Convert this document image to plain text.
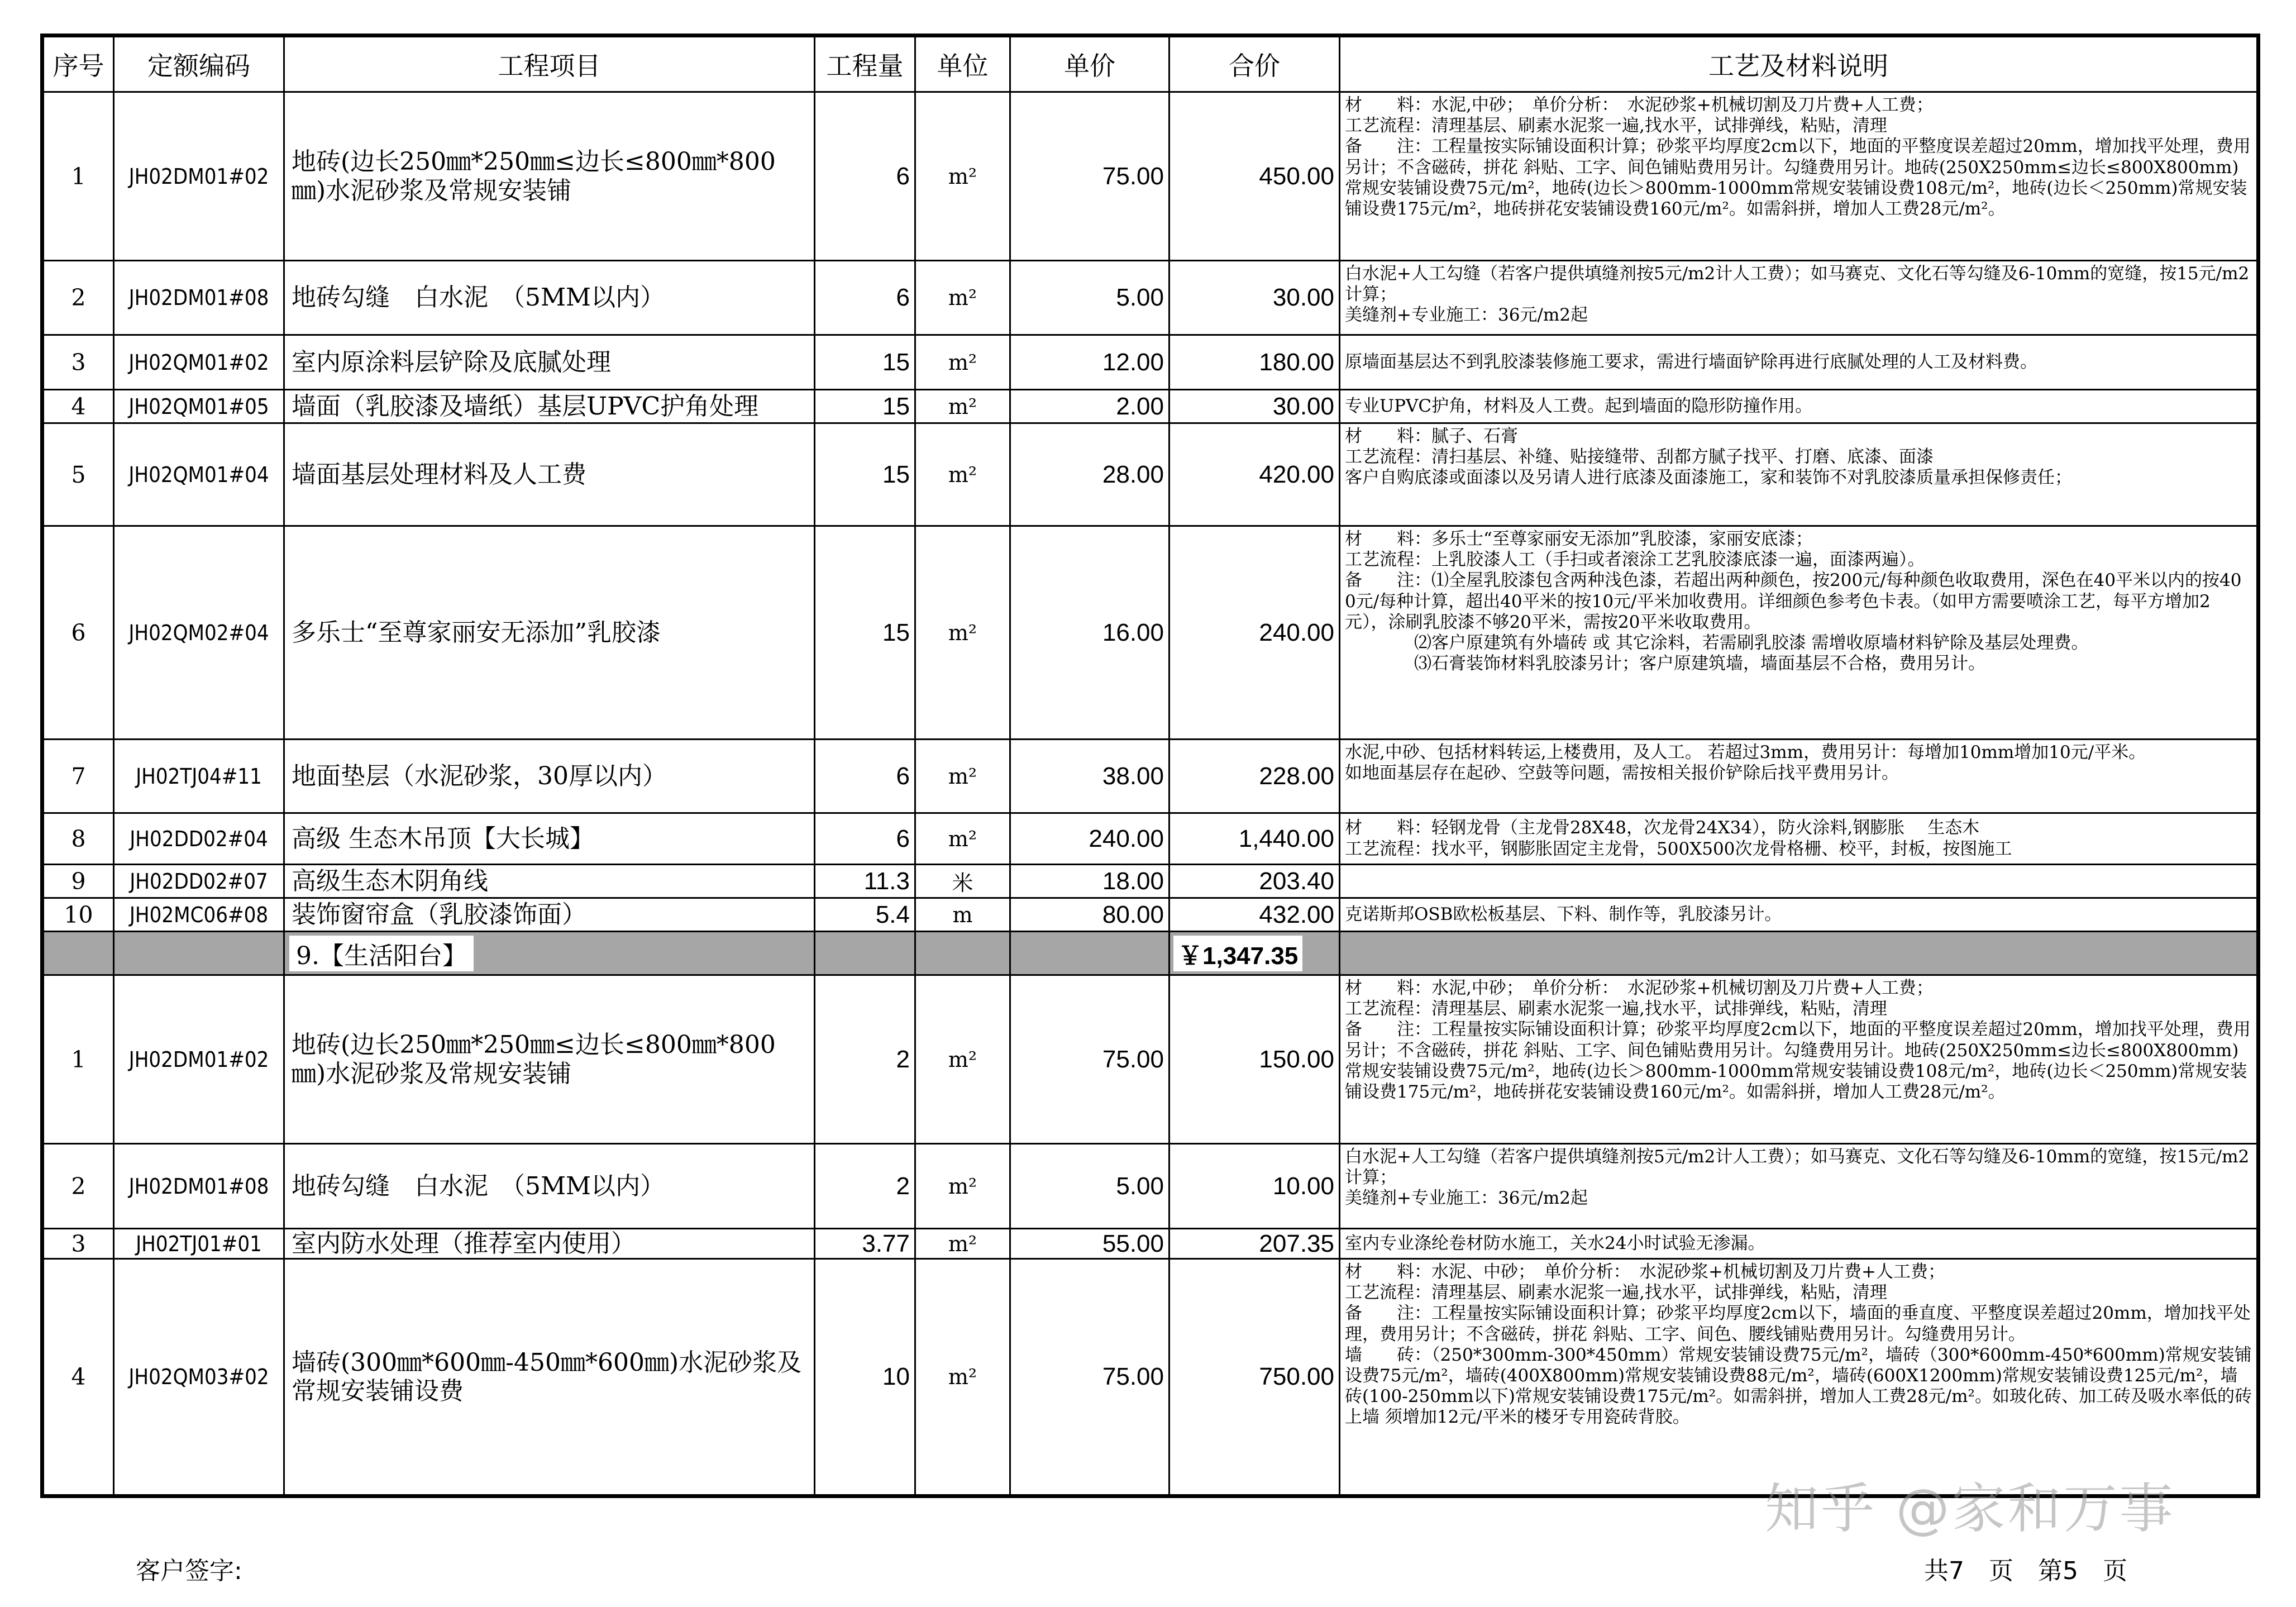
序号	定额编码	工程项目	工程量	单位	单价	合价	工艺及材料说明
1	JH02DM01#02	地砖(边长250㎜*250㎜≤边长≤800㎜*800㎜)水泥砂浆及常规安装铺	6	m²	75.00	450.00	材　　料：水泥,中砂；　单价分析：　水泥砂浆+机械切割及刀片费+人工费；
工艺流程：清理基层、刷素水泥浆一遍,找水平，试排弹线，粘贴，清理
备　　注：工程量按实际铺设面积计算；砂浆平均厚度2cm以下，地面的平整度误差超过20mm，增加找平处理，费用另计；不含磁砖，拼花 斜贴、工字、间色铺贴费用另计。勾缝费用另计。地砖(250X250mm≤边长≤800X800mm)常规安装铺设费75元/m²，地砖(边长＞800mm-1000mm常规安装铺设费108元/m²，地砖(边长＜250mm)常规安装铺设费175元/m²，地砖拼花安装铺设费160元/m²。如需斜拼，增加人工费28元/m²。
2	JH02DM01#08	地砖勾缝　白水泥　（5MM以内）	6	m²	5.00	30.00	白水泥+人工勾缝（若客户提供填缝剂按5元/m2计人工费）；如马赛克、文化石等勾缝及6-10mm的宽缝，按15元/m2计算；
美缝剂+专业施工：36元/m2起
3	JH02QM01#02	室内原涂料层铲除及底腻处理	15	m²	12.00	180.00	原墙面基层达不到乳胶漆装修施工要求，需进行墙面铲除再进行底腻处理的人工及材料费。
4	JH02QM01#05	墙面（乳胶漆及墙纸）基层UPVC护角处理	15	m²	2.00	30.00	专业UPVC护角，材料及人工费。起到墙面的隐形防撞作用。
5	JH02QM01#04	墙面基层处理材料及人工费	15	m²	28.00	420.00	材　　料：腻子、石膏
工艺流程：清扫基层、补缝、贴接缝带、刮都方腻子找平、打磨、底漆、面漆
客户自购底漆或面漆以及另请人进行底漆及面漆施工，家和装饰不对乳胶漆质量承担保修责任；
6	JH02QM02#04	多乐士“至尊家丽安无添加”乳胶漆	15	m²	16.00	240.00	材　　料：多乐士“至尊家丽安无添加”乳胶漆，家丽安底漆；
工艺流程：上乳胶漆人工（手扫或者滚涂工艺乳胶漆底漆一遍，面漆两遍）。
备　　注：⑴全屋乳胶漆包含两种浅色漆，若超出两种颜色，按200元/每种颜色收取费用，深色在40平米以内的按400元/每种计算，超出40平米的按10元/平米加收费用。详细颜色参考色卡表。（如甲方需要喷涂工艺，每平方增加2元），涂刷乳胶漆不够20平米，需按20平米收取费用。
　　　　⑵客户原建筑有外墙砖 或 其它涂料，若需刷乳胶漆 需增收原墙材料铲除及基层处理费。
　　　　⑶石膏装饰材料乳胶漆另计；客户原建筑墙，墙面基层不合格，费用另计。
7	JH02TJ04#11	地面垫层（水泥砂浆，30厚以内）	6	m²	38.00	228.00	水泥,中砂、包括材料转运,上楼费用，及人工。 若超过3mm，费用另计：每增加10mm增加10元/平米。
如地面基层存在起砂、空鼓等问题，需按相关报价铲除后找平费用另计。
8	JH02DD02#04	高级 生态木吊顶【大长城】	6	m²	240.00	1,440.00	材　　料：轻钢龙骨（主龙骨28X48，次龙骨24X34），防火涂料,钢膨胀　 生态木
工艺流程：找水平，钢膨胀固定主龙骨，500X500次龙骨格栅、校平，封板，按图施工
9	JH02DD02#07	高级生态木阴角线	11.3	米	18.00	203.40	
10	JH02MC06#08	装饰窗帘盒（乳胶漆饰面）	5.4	m	80.00	432.00	克诺斯邦OSB欧松板基层、下料、制作等，乳胶漆另计。
		9.【生活阳台】				￥1,347.35	
1	JH02DM01#02	地砖(边长250㎜*250㎜≤边长≤800㎜*800㎜)水泥砂浆及常规安装铺	2	m²	75.00	150.00	材　　料：水泥,中砂；　单价分析：　水泥砂浆+机械切割及刀片费+人工费；
工艺流程：清理基层、刷素水泥浆一遍,找水平，试排弹线，粘贴，清理
备　　注：工程量按实际铺设面积计算；砂浆平均厚度2cm以下，地面的平整度误差超过20mm，增加找平处理，费用另计；不含磁砖，拼花 斜贴、工字、间色铺贴费用另计。勾缝费用另计。地砖(250X250mm≤边长≤800X800mm)常规安装铺设费75元/m²，地砖(边长＞800mm-1000mm常规安装铺设费108元/m²，地砖(边长＜250mm)常规安装铺设费175元/m²，地砖拼花安装铺设费160元/m²。如需斜拼，增加人工费28元/m²。
2	JH02DM01#08	地砖勾缝　白水泥　（5MM以内）	2	m²	5.00	10.00	白水泥+人工勾缝（若客户提供填缝剂按5元/m2计人工费）；如马赛克、文化石等勾缝及6-10mm的宽缝，按15元/m2计算；
美缝剂+专业施工：36元/m2起
3	JH02TJ01#01	室内防水处理（推荐室内使用）	3.77	m²	55.00	207.35	室内专业涤纶卷材防水施工，关水24小时试验无渗漏。
4	JH02QM03#02	墙砖(300㎜*600㎜-450㎜*600㎜)水泥砂浆及常规安装铺设费	10	m²	75.00	750.00	材　　料：水泥、中砂；　单价分析：　水泥砂浆+机械切割及刀片费+人工费；
工艺流程：清理基层、刷素水泥浆一遍,找水平，试排弹线，粘贴，清理
备　　注：工程量按实际铺设面积计算；砂浆平均厚度2cm以下，墙面的垂直度、平整度误差超过20mm，增加找平处理，费用另计；不含磁砖，拼花 斜贴、工字、间色、腰线铺贴费用另计。勾缝费用另计。
墙　　砖：（250*300mm-300*450mm）常规安装铺设费75元/m²，墙砖（300*600mm-450*600mm)常规安装铺设费75元/m²，墙砖(400X800mm)常规安装铺设费88元/m²，墙砖(600X1200mm)常规安装铺设费125元/m²，墙砖(100-250mm以下)常规安装铺设费175元/m²。如需斜拼，增加人工费28元/m²。如玻化砖、加工砖及吸水率低的砖上墙 须增加12元/平米的楼牙专用瓷砖背胶。
客户签字:	共7　页　第5　页
知乎 @家和万事
